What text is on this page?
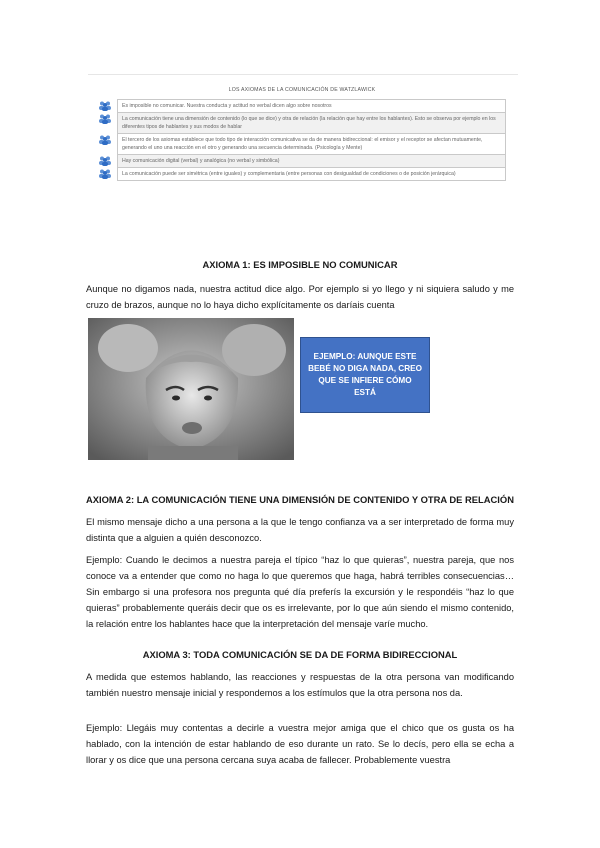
LOS AXIOMAS DE LA COMUNICACIÓN DE WATZLAWICK
Es imposible no comunicar. Nuestra conducta y actitud no verbal dicen algo sobre nosotros
La comunicación tiene una dimensión de contenido (lo que se dice) y otra de relación (la relación que hay entre los hablantes). Esto se observa por ejemplo en los diferentes tipos de hablantes y sus modos de hablar
El tercero de los axiomas establece que todo tipo de interacción comunicativa se da de manera bidireccional: el emisor y el receptor se afectan mutuamente, generando el uno una reacción en el otro y generando una secuencia determinada. (Psicología y Mente)
Hay comunicación digital (verbal) y analógica (no verbal y simbólica)
La comunicación puede ser simétrica (entre iguales) y complementaria (entre personas con desigualdad de condiciones o de posición jerárquica)
AXIOMA 1: ES IMPOSIBLE NO COMUNICAR

Aunque no digamos nada, nuestra actitud dice algo. Por ejemplo si yo llego y ni siquiera saludo y me cruzo de brazos, aunque no lo haya dicho explícitamente os daríais cuenta

EJEMPLO: AUNQUE ESTE BEBÉ NO DIGA NADA, CREO QUE SE INFIERE CÓMO ESTÁ
AXIOMA 2: LA COMUNICACIÓN TIENE UNA DIMENSIÓN DE CONTENIDO Y OTRA DE RELACIÓN

El mismo mensaje dicho a una persona a la que le tengo confianza va a ser interpretado de forma muy distinta que a alguien a quién desconozco.

Ejemplo: Cuando le decimos a nuestra pareja el típico “haz lo que quieras”, nuestra pareja, que nos conoce va a entender que como no haga lo que queremos que haga, habrá terribles consecuencias… Sin embargo si una profesora nos pregunta qué día preferís la excursión y le respondéis “haz lo que quieras” probablemente queráis decir que os es irrelevante, por lo que aún siendo el mismo contenido, la relación entre los hablantes hace que la interpretación del mensaje varíe mucho.

AXIOMA 3: TODA COMUNICACIÓN SE DA DE FORMA BIDIRECCIONAL

A medida que estemos hablando, las reacciones y respuestas de la otra persona van modificando también nuestro mensaje inicial y respondemos a los estímulos que la otra persona nos da.

Ejemplo: Llegáis muy contentas a decirle a vuestra mejor amiga que el chico que os gusta os ha hablado, con la intención de estar hablando de eso durante un rato. Se lo decís, pero ella se echa a llorar y os dice que una persona cercana suya acaba de fallecer. Probablemente vuestra
